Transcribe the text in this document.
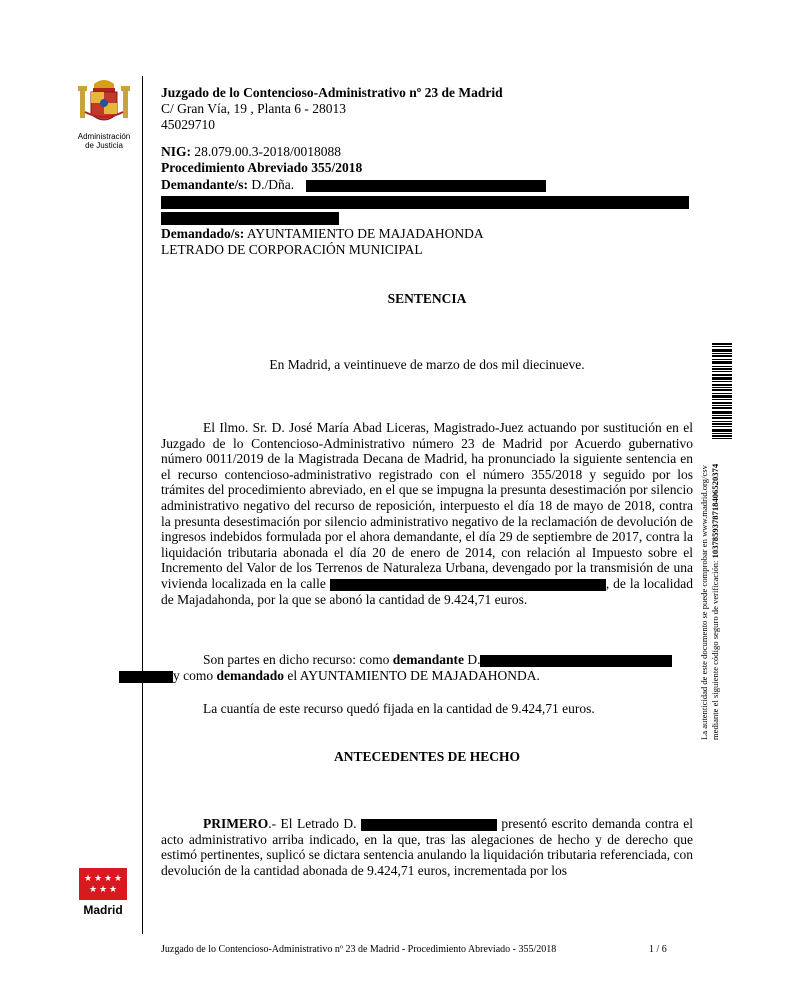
Administración
de Justicia
★ ★ ★ ★
★ ★ ★
Madrid
Juzgado de lo Contencioso-Administrativo nº 23 de Madrid
C/ Gran Vía, 19 , Planta 6 - 28013
45029710
NIG: 28.079.00.3-2018/0018088
Procedimiento Abreviado 355/2018
Demandante/s: D./Dña.
Demandado/s: AYUNTAMIENTO DE MAJADAHONDA
LETRADO DE CORPORACIÓN MUNICIPAL
SENTENCIA
En Madrid, a veintinueve de marzo de dos mil diecinueve.
El Ilmo. Sr. D. José María Abad Liceras, Magistrado-Juez actuando por sustitución en el Juzgado de lo Contencioso-Administrativo número 23 de Madrid por Acuerdo gubernativo número 0011/2019 de la Magistrada Decana de Madrid, ha pronunciado la siguiente sentencia en el recurso contencioso-administrativo registrado con el número 355/2018 y seguido por los trámites del procedimiento abreviado, en el que se impugna la presunta desestimación por silencio administrativo negativo del recurso de reposición, interpuesto el día 18 de mayo de 2018, contra la presunta desestimación por silencio administrativo negativo de la reclamación de devolución de ingresos indebidos formulada por el ahora demandante, el día 29 de septiembre de 2017, contra la liquidación tributaria abonada el día 20 de enero de 2014, con relación al Impuesto sobre el Incremento del Valor de los Terrenos de Naturaleza Urbana, devengado por la transmisión de una vivienda localizada en la calle	, de la localidad de Majadahonda, por la que se abonó la cantidad de 9.424,71 euros.
Son partes en dicho recurso: como demandante D.
y como demandado el AYUNTAMIENTO DE MAJADAHONDA.
La cuantía de este recurso quedó fijada en la cantidad de 9.424,71 euros.
ANTECEDENTES DE HECHO
PRIMERO.- El Letrado D.	presentó escrito demanda contra el acto administrativo arriba indicado, en la que, tras las alegaciones de hecho y de derecho que estimó pertinentes, suplicó se dictara sentencia anulando la liquidación tributaria referenciada, con devolución de la cantidad abonada de 9.424,71 euros, incrementada por los
La autenticidad de este documento se puede comprobar en www.madrid.org/csv mediante el siguiente código seguro de verificación: 1037859378718406520374
Juzgado de lo Contencioso-Administrativo nº 23 de Madrid - Procedimiento Abreviado - 355/2018	1 / 6
